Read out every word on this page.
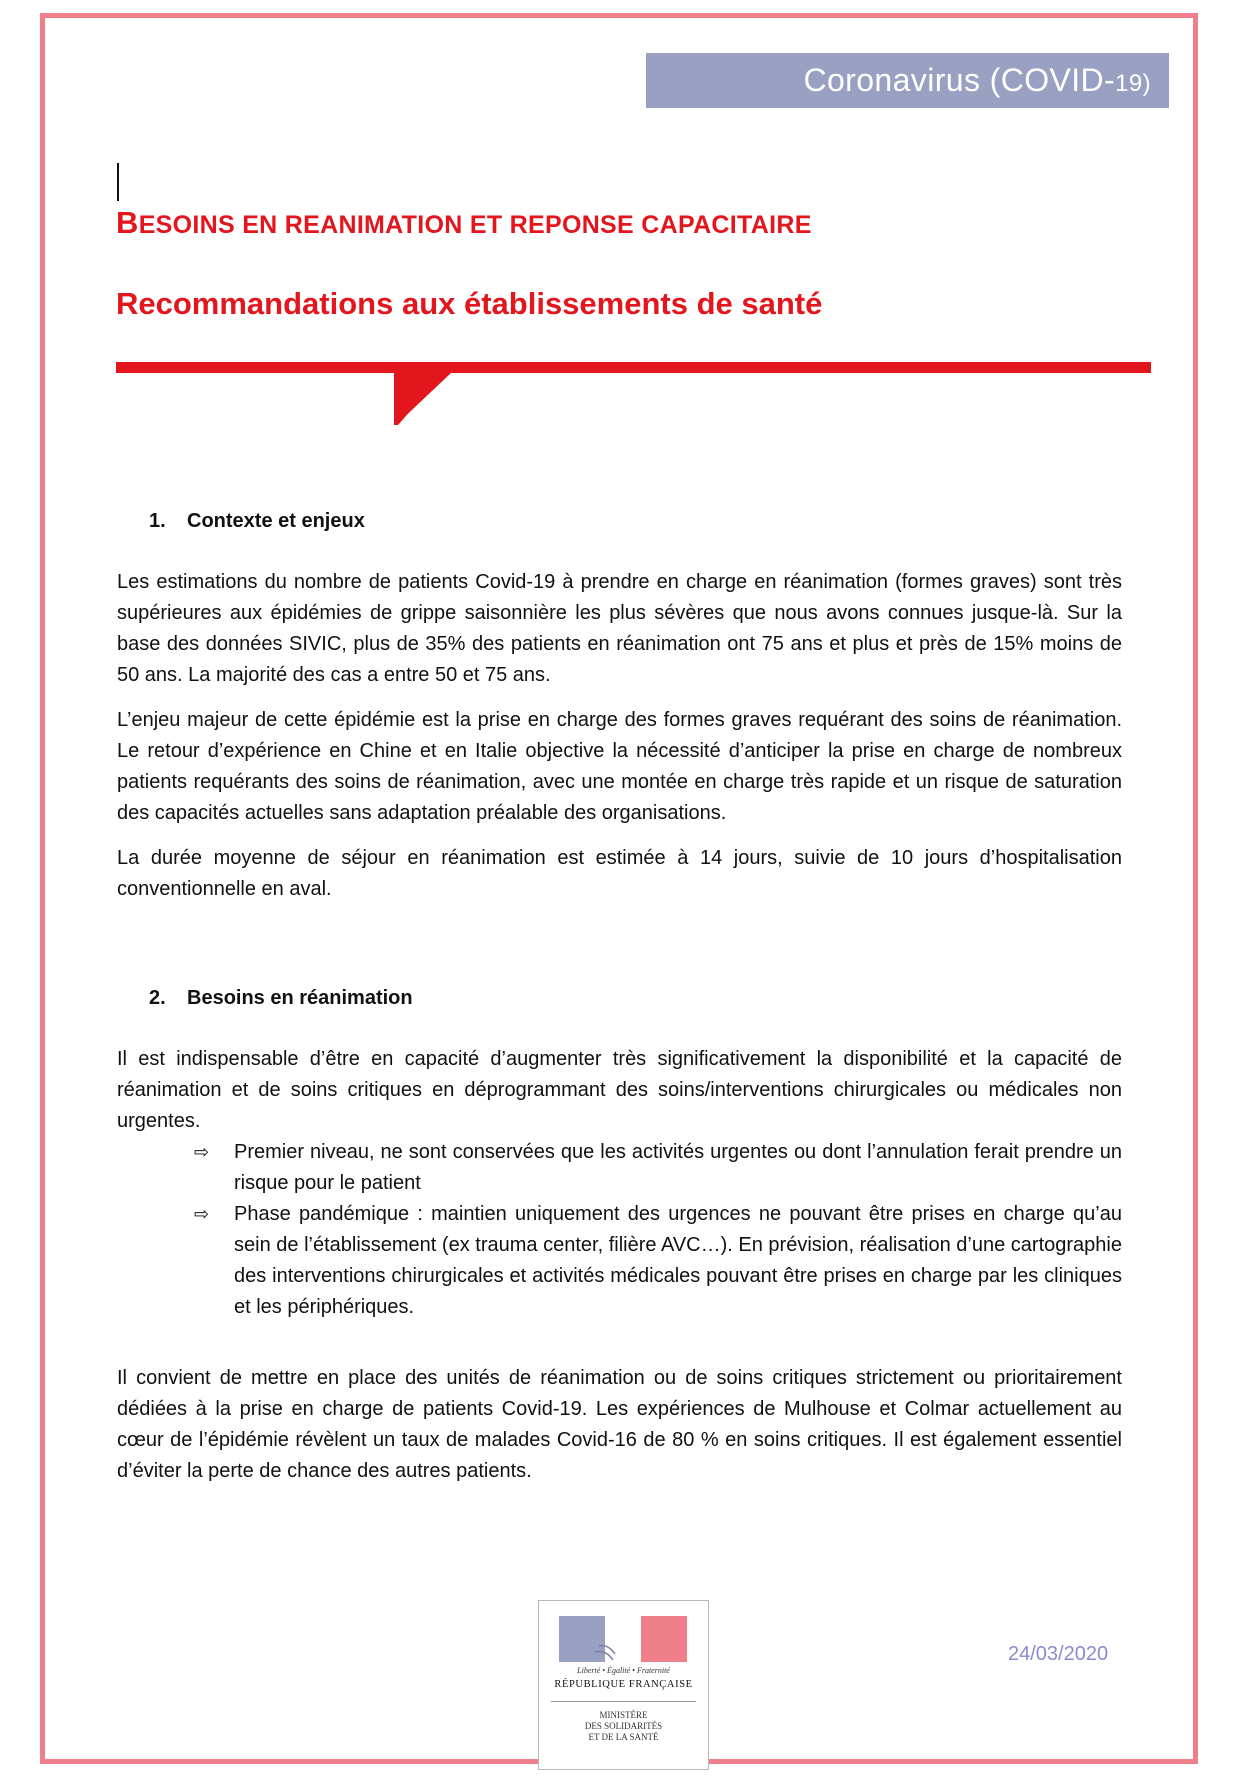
Coronavirus (COVID-19)
BESOINS EN REANIMATION ET REPONSE CAPACITAIRE
Recommandations aux établissements de santé
1. Contexte et enjeux

Les estimations du nombre de patients Covid-19 à prendre en charge en réanimation (formes graves) sont très supérieures aux épidémies de grippe saisonnière les plus sévères que nous avons connues jusque-là. Sur la base des données SIVIC, plus de 35% des patients en réanimation ont 75 ans et plus et près de 15% moins de 50 ans. La majorité des cas a entre 50 et 75 ans.

L’enjeu majeur de cette épidémie est la prise en charge des formes graves requérant des soins de réanimation. Le retour d’expérience en Chine et en Italie objective la nécessité d’anticiper la prise en charge de nombreux patients requérants des soins de réanimation, avec une montée en charge très rapide et un risque de saturation des capacités actuelles sans adaptation préalable des organisations.

La durée moyenne de séjour en réanimation est estimée à 14 jours, suivie de 10 jours d’hospitalisation conventionnelle en aval.

2. Besoins en réanimation

Il est indispensable d’être en capacité d’augmenter très significativement la disponibilité et la capacité de réanimation et de soins critiques en déprogrammant des soins/interventions chirurgicales ou médicales non urgentes.

⇨ Premier niveau, ne sont conservées que les activités urgentes ou dont l’annulation ferait prendre un risque pour le patient
⇨ Phase pandémique : maintien uniquement des urgences ne pouvant être prises en charge qu’au sein de l’établissement (ex trauma center, filière AVC…). En prévision, réalisation d’une cartographie des interventions chirurgicales et activités médicales pouvant être prises en charge par les cliniques et les périphériques.

Il convient de mettre en place des unités de réanimation ou de soins critiques strictement ou prioritairement dédiées à la prise en charge de patients Covid-19. Les expériences de Mulhouse et Colmar actuellement au cœur de l’épidémie révèlent un taux de malades Covid-16 de 80 % en soins critiques. Il est également essentiel d’éviter la perte de chance des autres patients.

Liberté • Égalité • Fraternité
RÉPUBLIQUE FRANÇAISE
MINISTÈRE
DES SOLIDARITÉS
ET DE LA SANTÉ
24/03/2020
